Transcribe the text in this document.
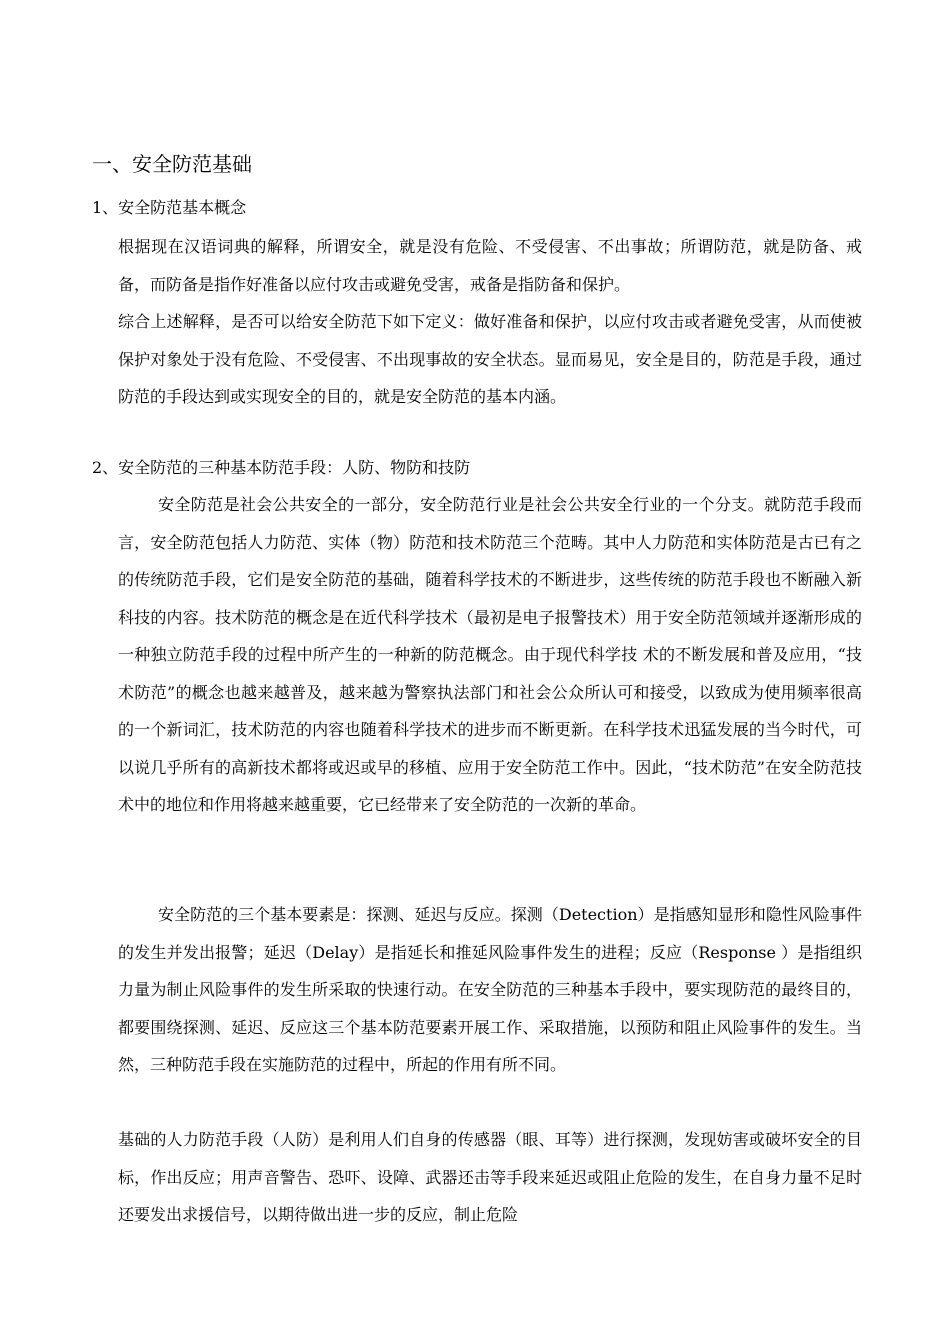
一、安全防范基础
1、安全防范基本概念

根据现在汉语词典的解释，所谓安全，就是没有危险、不受侵害、不出事故；所谓防范，就是防备、戒备，而防备是指作好准备以应付攻击或避免受害，戒备是指防备和保护。

综合上述解释，是否可以给安全防范下如下定义：做好准备和保护，以应付攻击或者避免受害，从而使被保护对象处于没有危险、不受侵害、不出现事故的安全状态。显而易见，安全是目的，防范是手段，通过防范的手段达到或实现安全的目的，就是安全防范的基本内涵。

2、安全防范的三种基本防范手段：人防、物防和技防

安全防范是社会公共安全的一部分，安全防范行业是社会公共安全行业的一个分支。就防范手段而言，安全防范包括人力防范、实体（物）防范和技术防范三个范畴。其中人力防范和实体防范是古已有之的传统防范手段，它们是安全防范的基础，随着科学技术的不断进步，这些传统的防范手段也不断融入新科技的内容。技术防范的概念是在近代科学技术（最初是电子报警技术）用于安全防范领域并逐渐形成的一种独立防范手段的过程中所产生的一种新的防范概念。由于现代科学技 术的不断发展和普及应用，“技术防范”的概念也越来越普及，越来越为警察执法部门和社会公众所认可和接受，以致成为使用频率很高的一个新词汇，技术防范的内容也随着科学技术的进步而不断更新。在科学技术迅猛发展的当今时代，可以说几乎所有的高新技术都将或迟或早的移植、应用于安全防范工作中。因此，“技术防范”在安全防范技术中的地位和作用将越来越重要，它已经带来了安全防范的一次新的革命。

安全防范的三个基本要素是：探测、延迟与反应。探测（Detection）是指感知显形和隐性风险事件的发生并发出报警；延迟（Delay）是指延长和推延风险事件发生的进程；反应（Response ）是指组织力量为制止风险事件的发生所采取的快速行动。在安全防范的三种基本手段中，要实现防范的最终目的，都要围绕探测、延迟、反应这三个基本防范要素开展工作、采取措施，以预防和阻止风险事件的发生。当然，三种防范手段在实施防范的过程中，所起的作用有所不同。

基础的人力防范手段（人防）是利用人们自身的传感器（眼、耳等）进行探测，发现妨害或破坏安全的目标，作出反应；用声音警告、恐吓、设障、武器还击等手段来延迟或阻止危险的发生，在自身力量不足时还要发出求援信号，以期待做出进一步的反应，制止危险
